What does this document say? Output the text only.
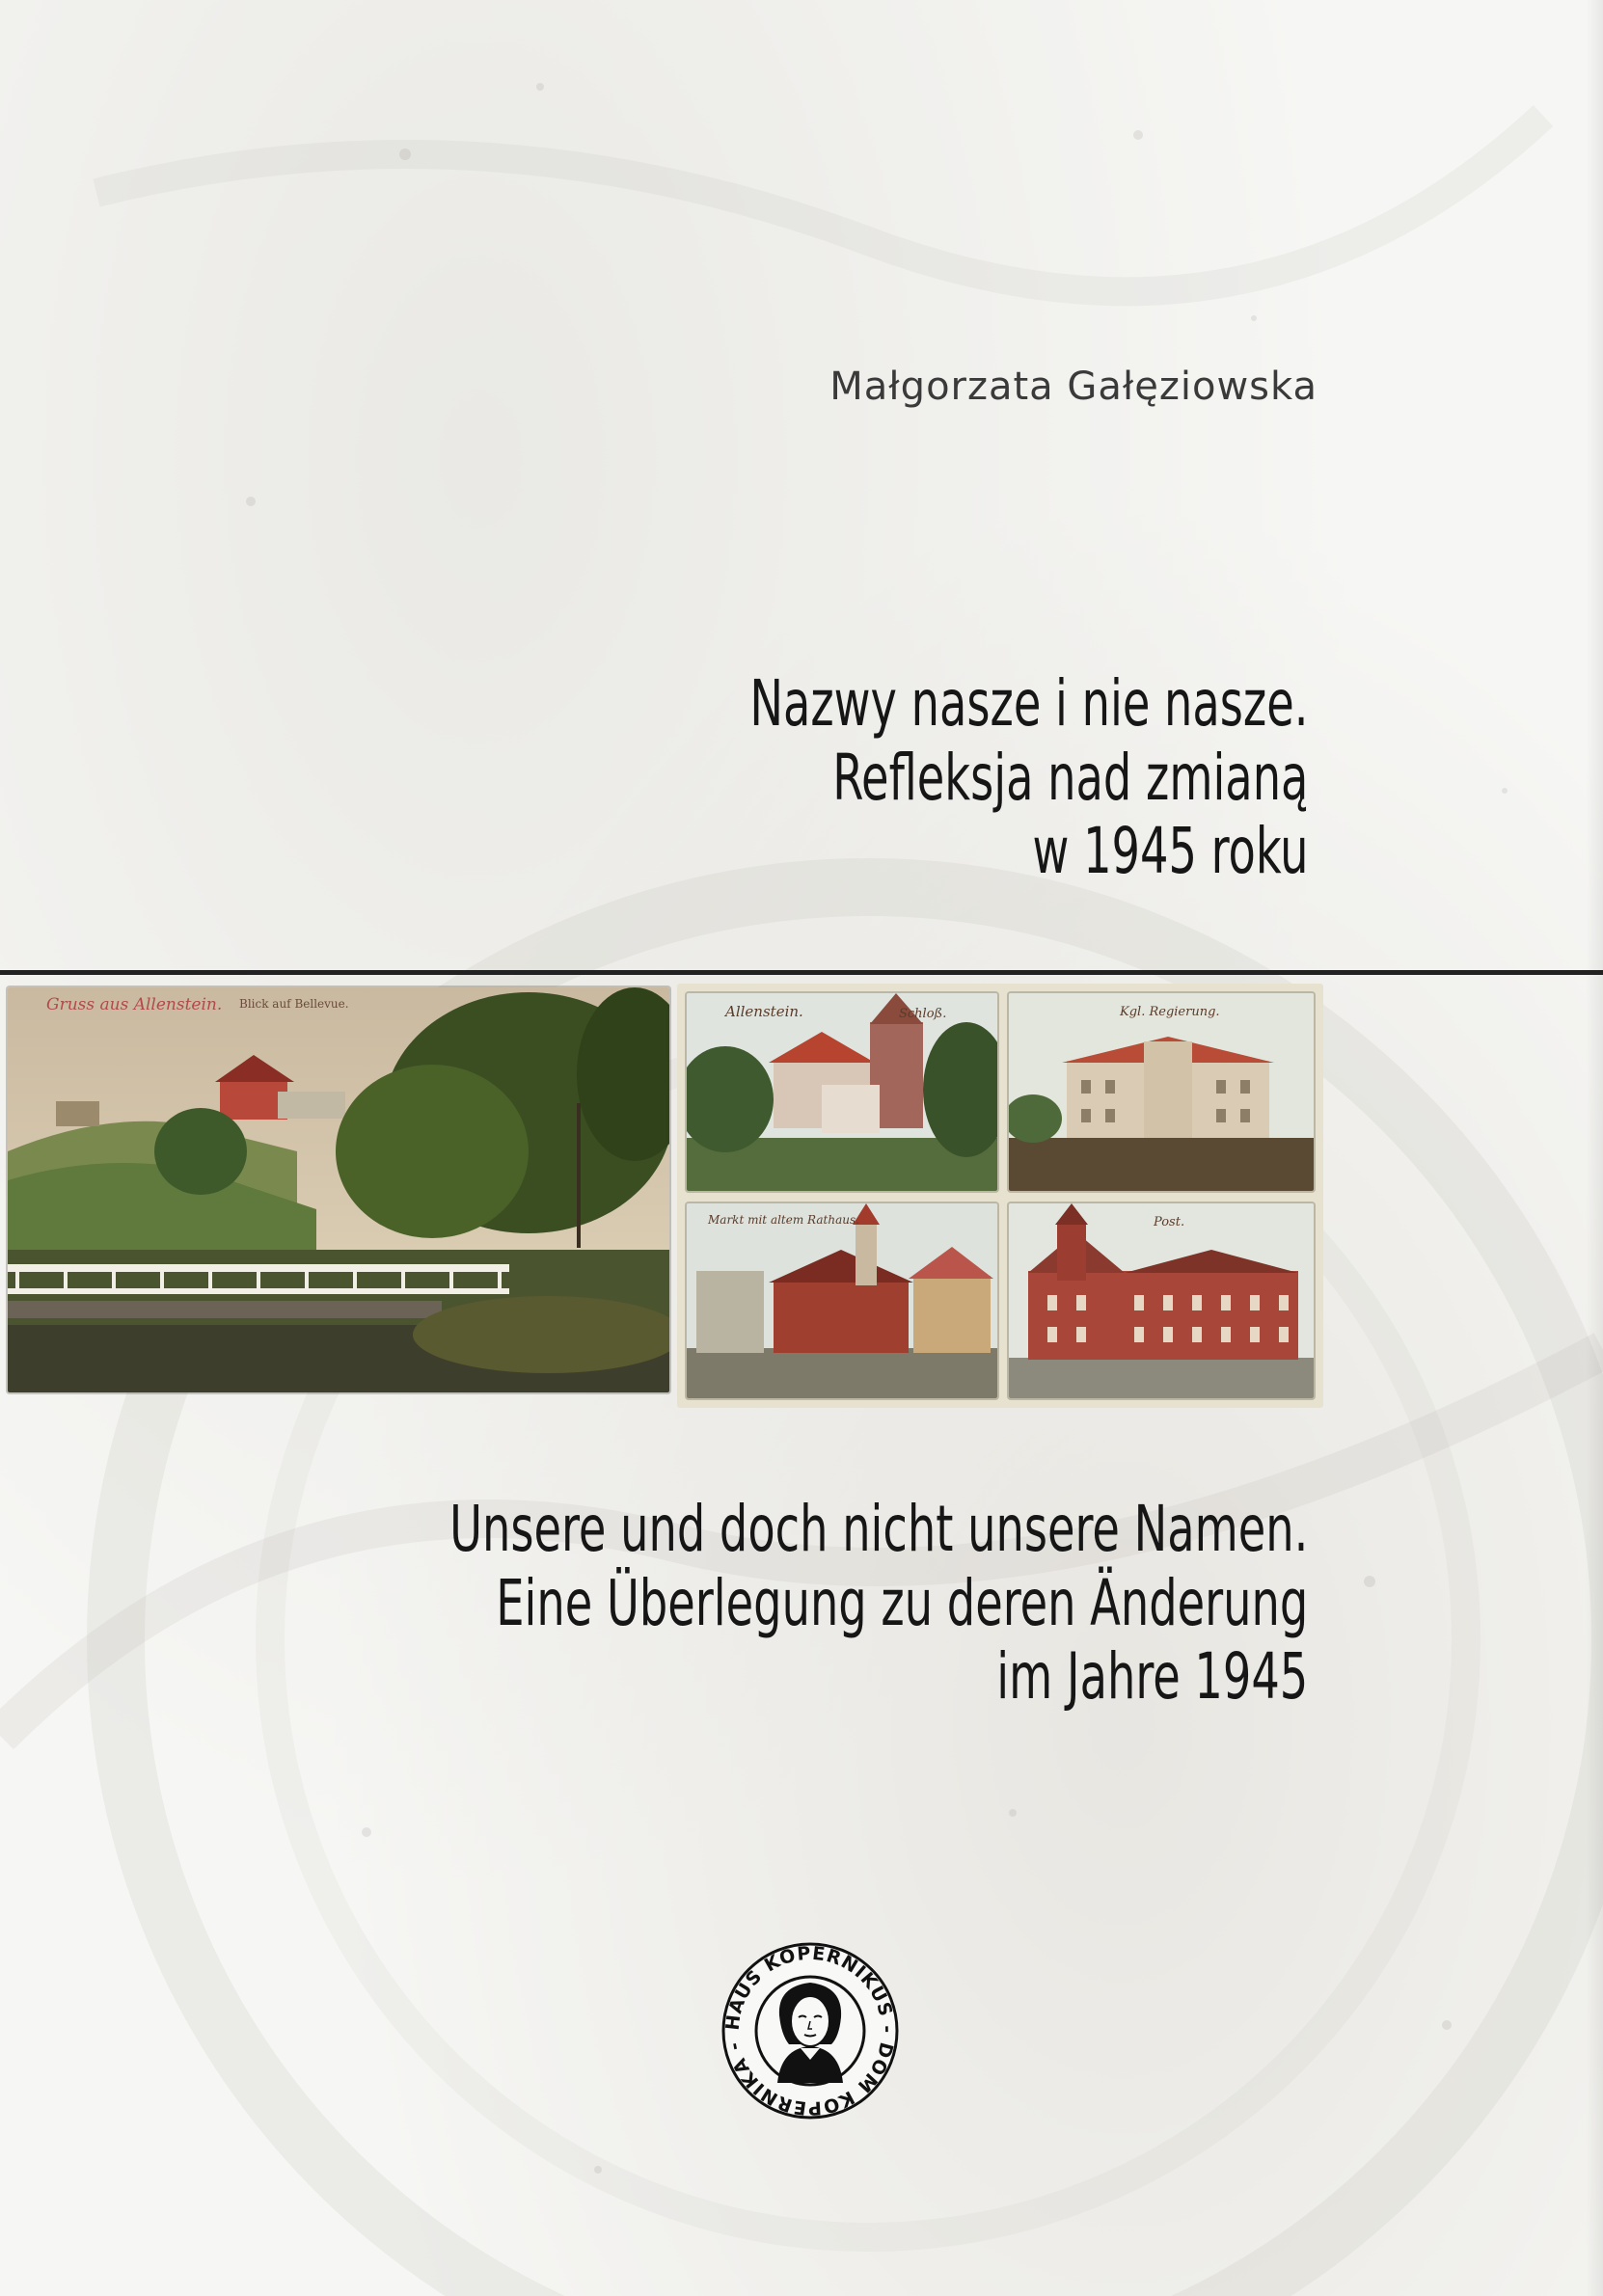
Małgorzata Gałęziowska
Nazwy nasze i nie nasze.
Refleksja nad zmianą
w 1945 roku
Gruss aus Allenstein. Blick auf Bellevue.	Allenstein.	Schloß.	Kgl. Regierung.
Markt mit altem Rathaus.	Post.
Unsere und doch nicht unsere Namen.
Eine Überlegung zu deren Änderung
im Jahre 1945
HAUS KOPERNIKUS - DOM KOPERNIKA -
